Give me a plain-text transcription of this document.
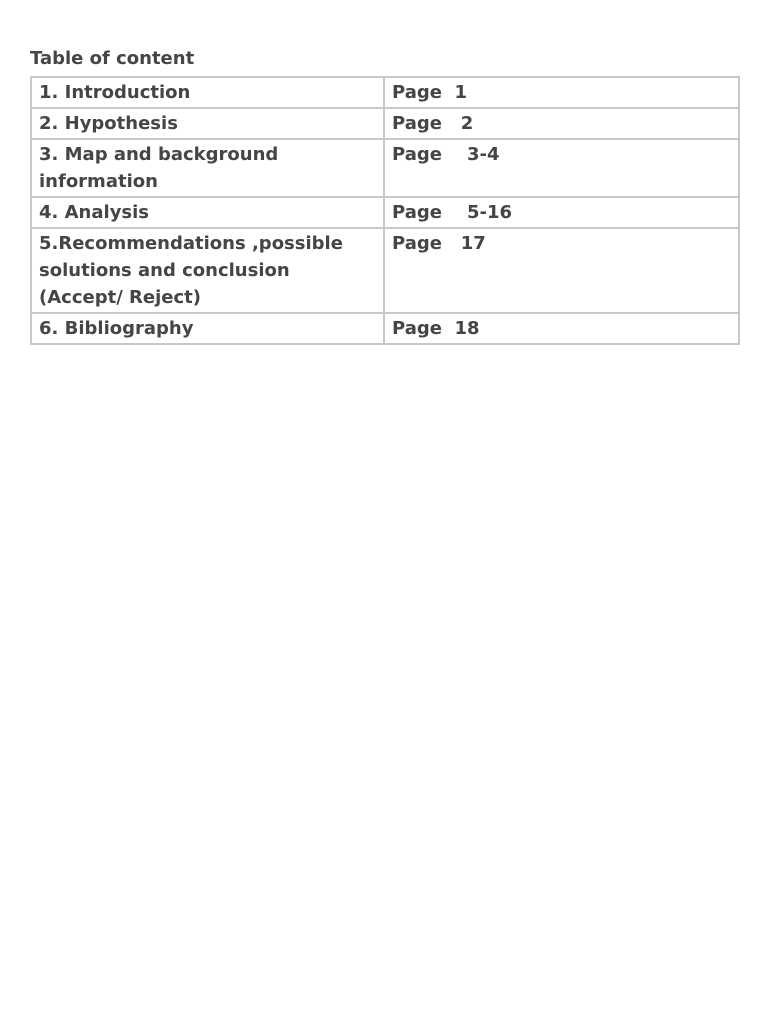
Table of content
1. Introduction	Page  1
2. Hypothesis	Page   2
3. Map and background information	Page    3-4
4. Analysis	Page    5-16
5.Recommendations ,possible solutions and conclusion (Accept/ Reject)	Page   17
6. Bibliography	Page  18
